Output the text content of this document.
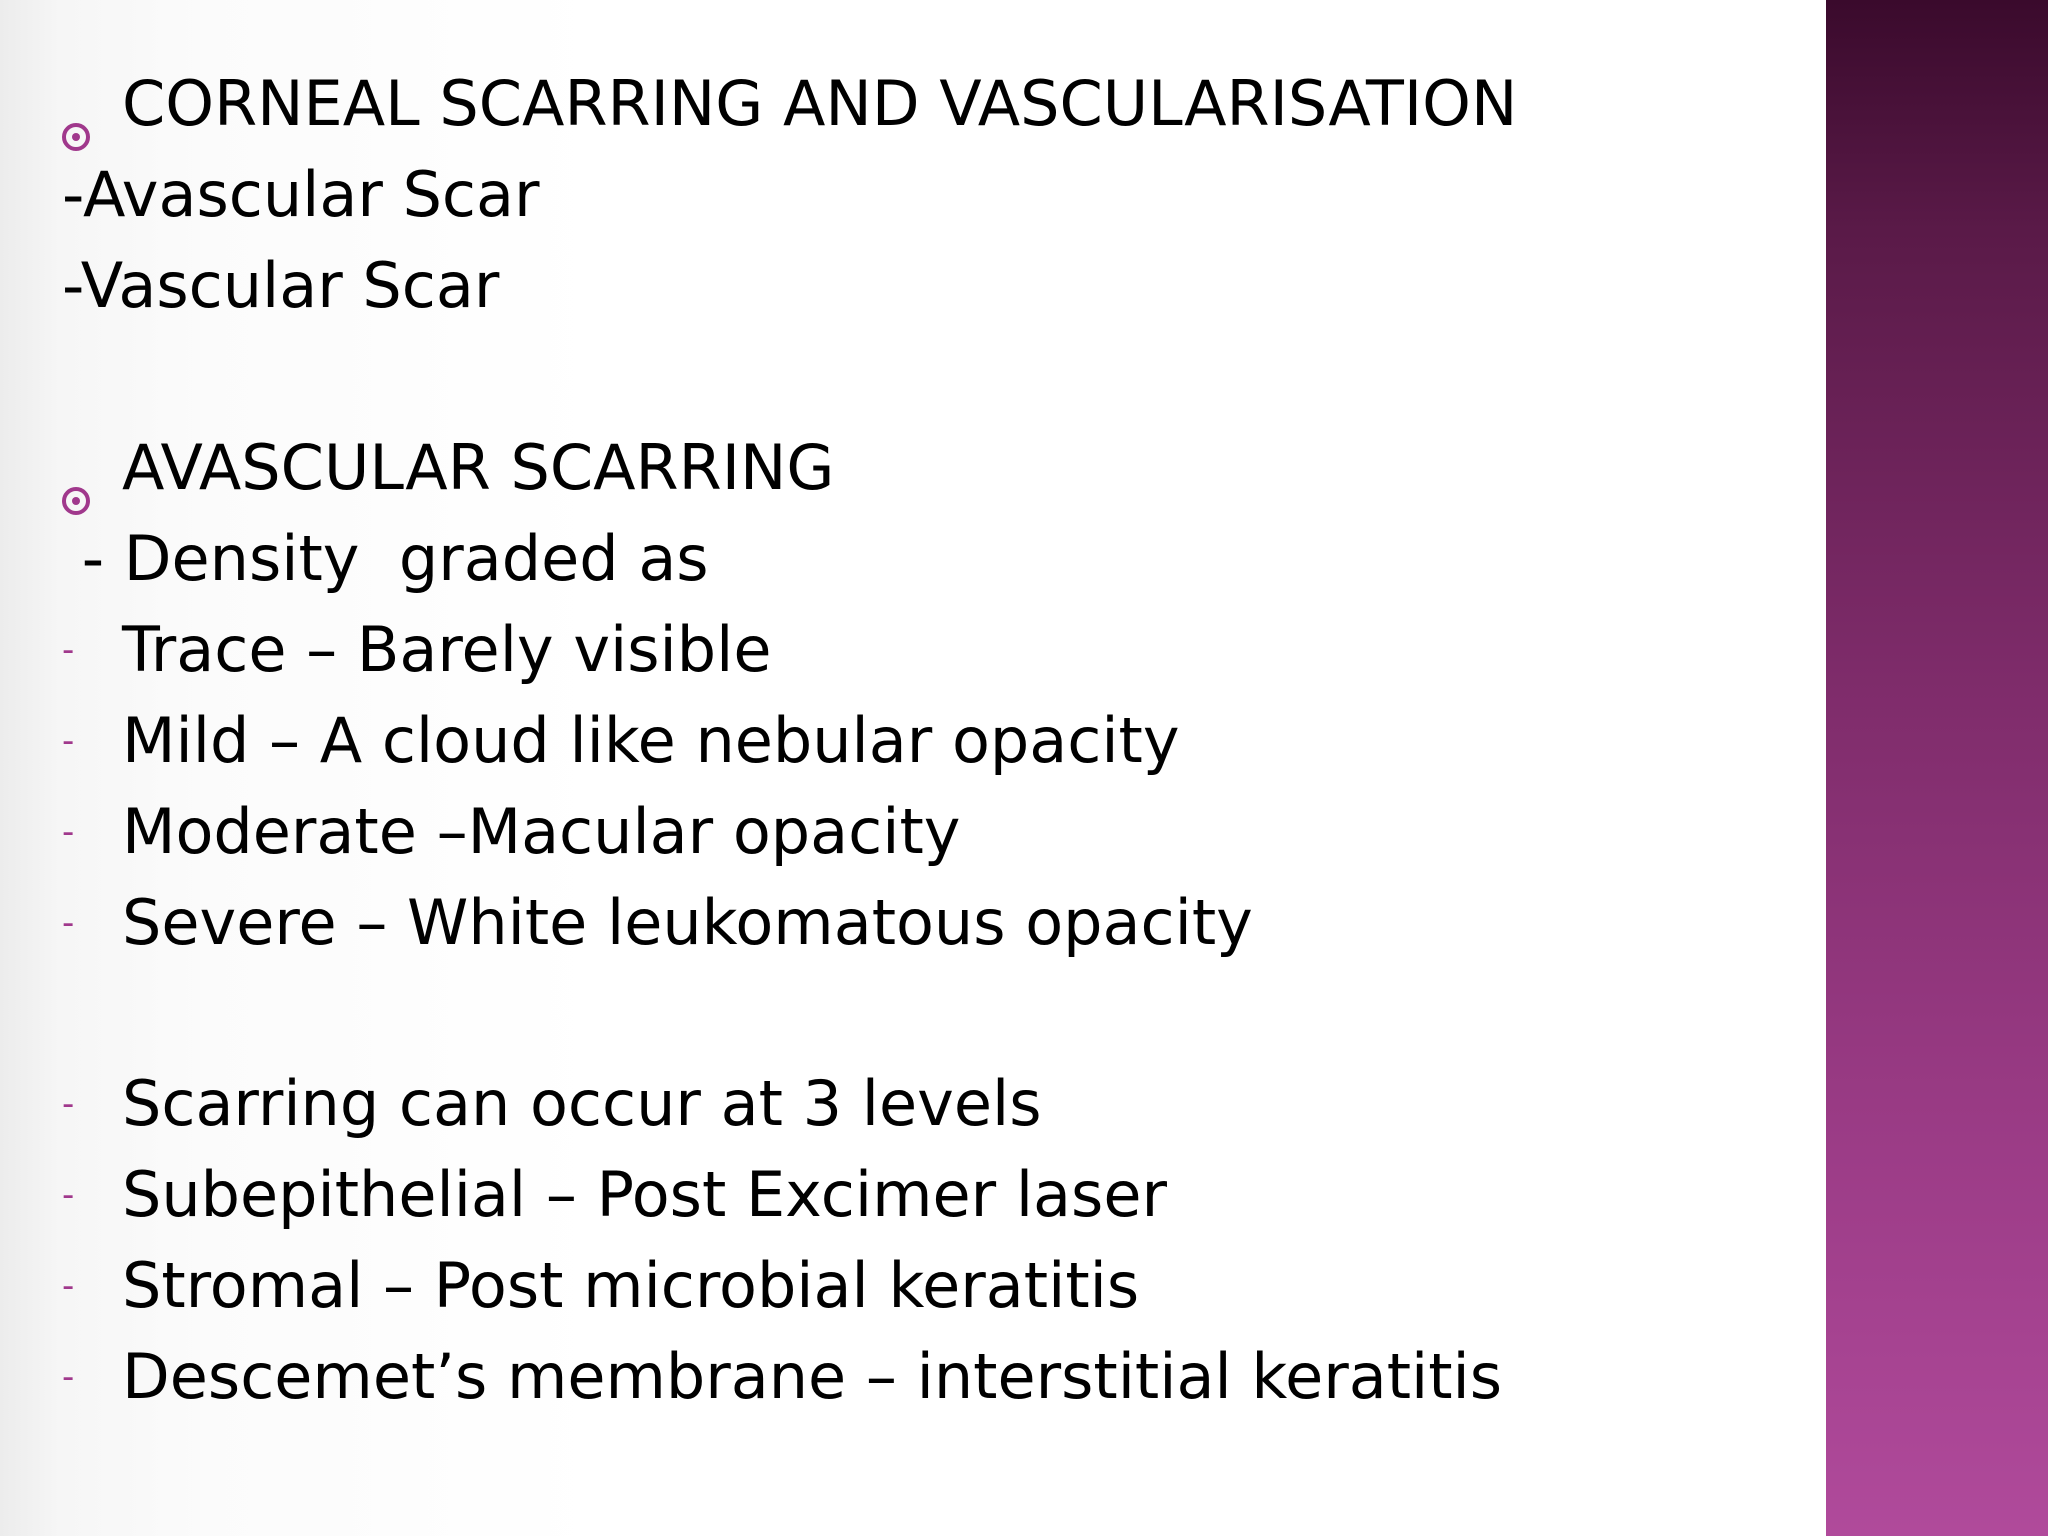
CORNEAL SCARRING AND VASCULARISATION
-Avascular Scar
-Vascular Scar
AVASCULAR SCARRING

- Density  graded as

- Trace – Barely visible
- Mild – A cloud like nebular opacity
- Moderate –Macular opacity
- Severe – White leukomatous opacity
- Scarring can occur at 3 levels
- Subepithelial – Post Excimer laser
- Stromal – Post microbial keratitis
- Descemet’s membrane – interstitial keratitis
